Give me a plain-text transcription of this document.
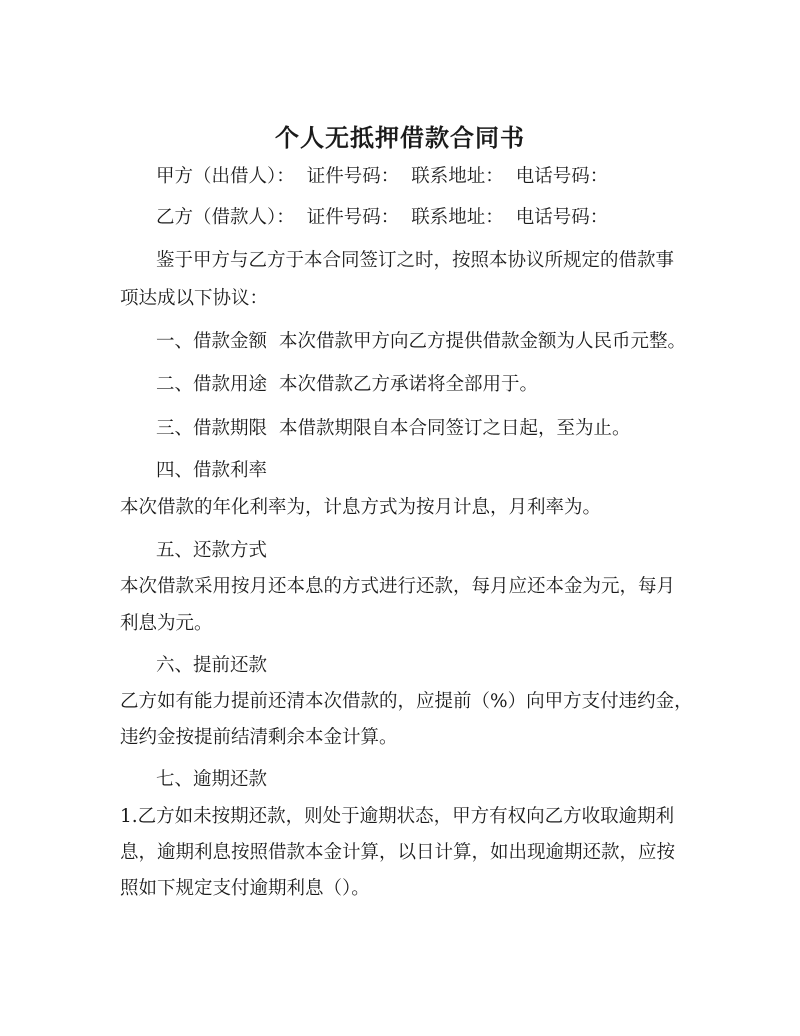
个人无抵押借款合同书
甲方（出借人）： 证件号码： 联系地址： 电话号码：
乙方（借款人）： 证件号码： 联系地址： 电话号码：
鉴于甲方与乙方于本合同签订之时，按照本协议所规定的借款事
项达成以下协议：
一、借款金额 本次借款甲方向乙方提供借款金额为人民币元整。
二、借款用途 本次借款乙方承诺将全部用于。
三、借款期限 本借款期限自本合同签订之日起，至为止。
四、借款利率
本次借款的年化利率为，计息方式为按月计息，月利率为。
五、还款方式
本次借款采用按月还本息的方式进行还款，每月应还本金为元，每月
利息为元。
六、提前还款
乙方如有能力提前还清本次借款的，应提前（%）向甲方支付违约金，
违约金按提前结清剩余本金计算。
七、逾期还款
1.乙方如未按期还款，则处于逾期状态，甲方有权向乙方收取逾期利
息，逾期利息按照借款本金计算，以日计算，如出现逾期还款，应按
照如下规定支付逾期利息（）。
